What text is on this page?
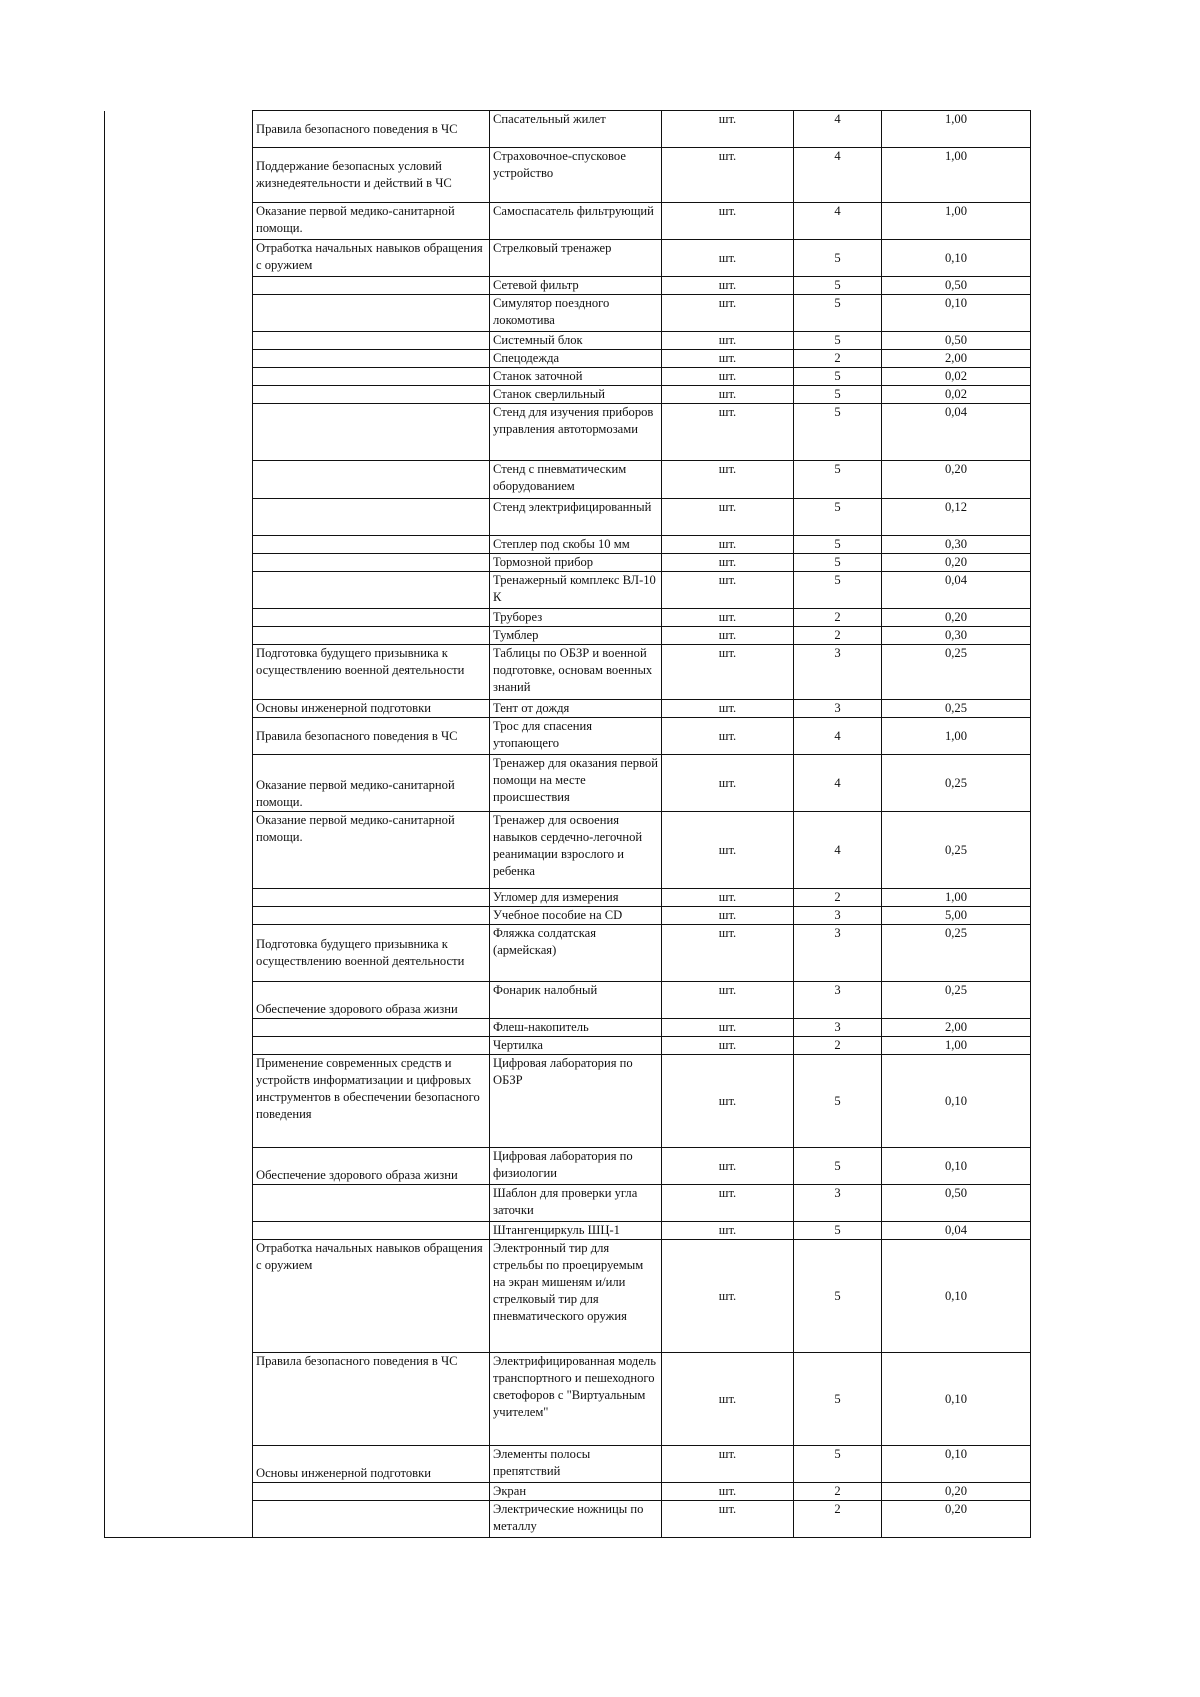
	Правила безопасного поведения в ЧС	Спасательный жилет	шт.	4	1,00
	Поддержание безопасных условий жизнедеятельности и действий в ЧС	Страховочное-спусковое устройство	шт.	4	1,00
	Оказание первой медико-санитарной помощи.	Самоспасатель фильтрующий	шт.	4	1,00
	Отработка начальных навыков обращения с оружием	Стрелковый тренажер	шт.	5	0,10
		Сетевой фильтр	шт.	5	0,50
		Симулятор поездного локомотива	шт.	5	0,10
		Системный блок	шт.	5	0,50
		Спецодежда	шт.	2	2,00
		Станок заточной	шт.	5	0,02
		Станок сверлильный	шт.	5	0,02
		Стенд для изучения приборов управления автотормозами	шт.	5	0,04
		Стенд с пневматическим оборудованием	шт.	5	0,20
		Стенд электрифицированный	шт.	5	0,12
		Степлер под скобы 10 мм	шт.	5	0,30
		Тормозной прибор	шт.	5	0,20
		Тренажерный комплекс ВЛ-10 К	шт.	5	0,04
		Труборез	шт.	2	0,20
		Тумблер	шт.	2	0,30
	Подготовка будущего призывника к осуществлению военной деятельности	Таблицы по ОБЗР и военной подготовке, основам военных знаний	шт.	3	0,25
	Основы инженерной подготовки	Тент от дождя	шт.	3	0,25
	Правила безопасного поведения в ЧС	Трос для спасения утопающего	шт.	4	1,00
	Оказание первой медико-санитарной помощи.	Тренажер для оказания первой помощи на месте происшествия	шт.	4	0,25
	Оказание первой медико-санитарной помощи.	Тренажер для освоения навыков сердечно-легочной реанимации взрослого и ребенка	шт.	4	0,25
		Угломер для измерения	шт.	2	1,00
		Учебное пособие на CD	шт.	3	5,00
	Подготовка будущего призывника к осуществлению военной деятельности	Фляжка солдатская (армейская)	шт.	3	0,25
	Обеспечение здорового образа жизни	Фонарик налобный	шт.	3	0,25
		Флеш-накопитель	шт.	3	2,00
		Чертилка	шт.	2	1,00
	Применение современных средств и устройств информатизации и цифровых инструментов в обеспечении безопасного поведения	Цифровая лаборатория по ОБЗР	шт.	5	0,10
	Обеспечение здорового образа жизни	Цифровая лаборатория по физиологии	шт.	5	0,10
		Шаблон для проверки угла заточки	шт.	3	0,50
		Штангенциркуль ШЦ-1	шт.	5	0,04
	Отработка начальных навыков обращения с оружием	Электронный тир для стрельбы по проецируемым на экран мишеням и/или стрелковый тир для пневматического оружия	шт.	5	0,10
	Правила безопасного поведения в ЧС	Электрифицированная модель транспортного и пешеходного светофоров с "Виртуальным учителем"	шт.	5	0,10
	Основы инженерной подготовки	Элементы полосы препятствий	шт.	5	0,10
		Экран	шт.	2	0,20
		Электрические ножницы по металлу	шт.	2	0,20
